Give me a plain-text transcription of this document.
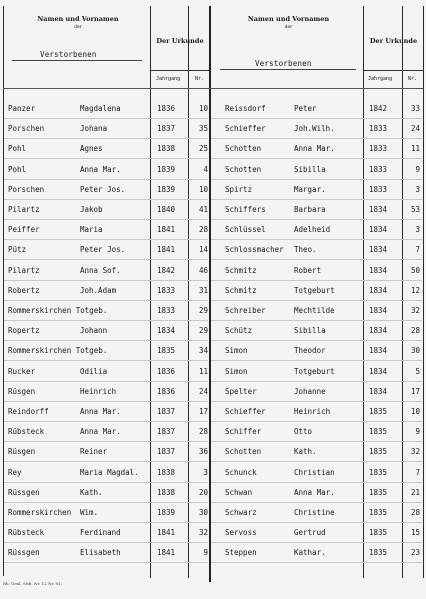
Namen und Vornamen
der
Verstorbenen
Der Urkunde
Jahrgang	Nr.
Namen und Vornamen
der
Verstorbenen
Der Urkunde
Jahrgang	Nr.
Panzer	Magdalena	1836	10
Porschen	Johana	1837	35
Pohl	Agnes	1838	25
Pohl	Anna Mar.	1839	4
Porschen	Peter Jos.	1839	10
Pilartz	Jakob	1840	41
Peiffer	Maria	1841	28
Pütz	Peter Jos.	1841	14
Pilartz	Anna Sof.	1842	46
Robertz	Joh.Adam	1833	31
Rommerskirchen Totgeb.	1833	29
Ropertz	Johann	1834	29
Rommerskirchen Totgeb.	1835	34
Rucker	Odilia	1836	11
Rüsgen	Heinrich	1836	24
Reindorff	Anna Mar.	1837	17
Rübsteck	Anna Mar.	1837	28
Rüsgen	Reiner	1837	36
Rey	Maria Magdal. 1838	3
Rüssgen	Kath.	1838	20
Rommerskirchen Wim.	1839	30
Rübsteck	Ferdinand	1841	32
Rüssgen	Elisabeth	1841	9
Reissdorf	Peter	1842	33
Schieffer	Joh.Wilh.	1833	24
Schotten	Anna Mar.	1833	11
Schotten	Sibilla	1833	9
Spirtz	Margar.	1833	3
Schiffers	Barbara	1834	53
Schlüssel	Adelheid	1834	3
Schlossmacher Theo.	1834	7
Schmitz	Robert	1834	50
Schmitz	Totgeburt	1834	12
Schreiber	Mechtilde	1834	32
Schütz	Sibilla	1834	28
Simon	Theodor	1834	30
Simon	Totgeburt	1834	5
Spelter	Johanne	1834	17
Schieffer	Heinrich	1835	10
Schiffer	Otto	1835	9
Schotten	Kath.	1835	32
Schunck	Christian	1835	7
Schwan	Anna Mar.	1835	21
Schwarz	Christine	1835	28
Servoss	Gertrud	1835	15
Steppen	Kathar.	1835	23
Rh. Genl. Stdt. Nr. 12 Nr. 81.
